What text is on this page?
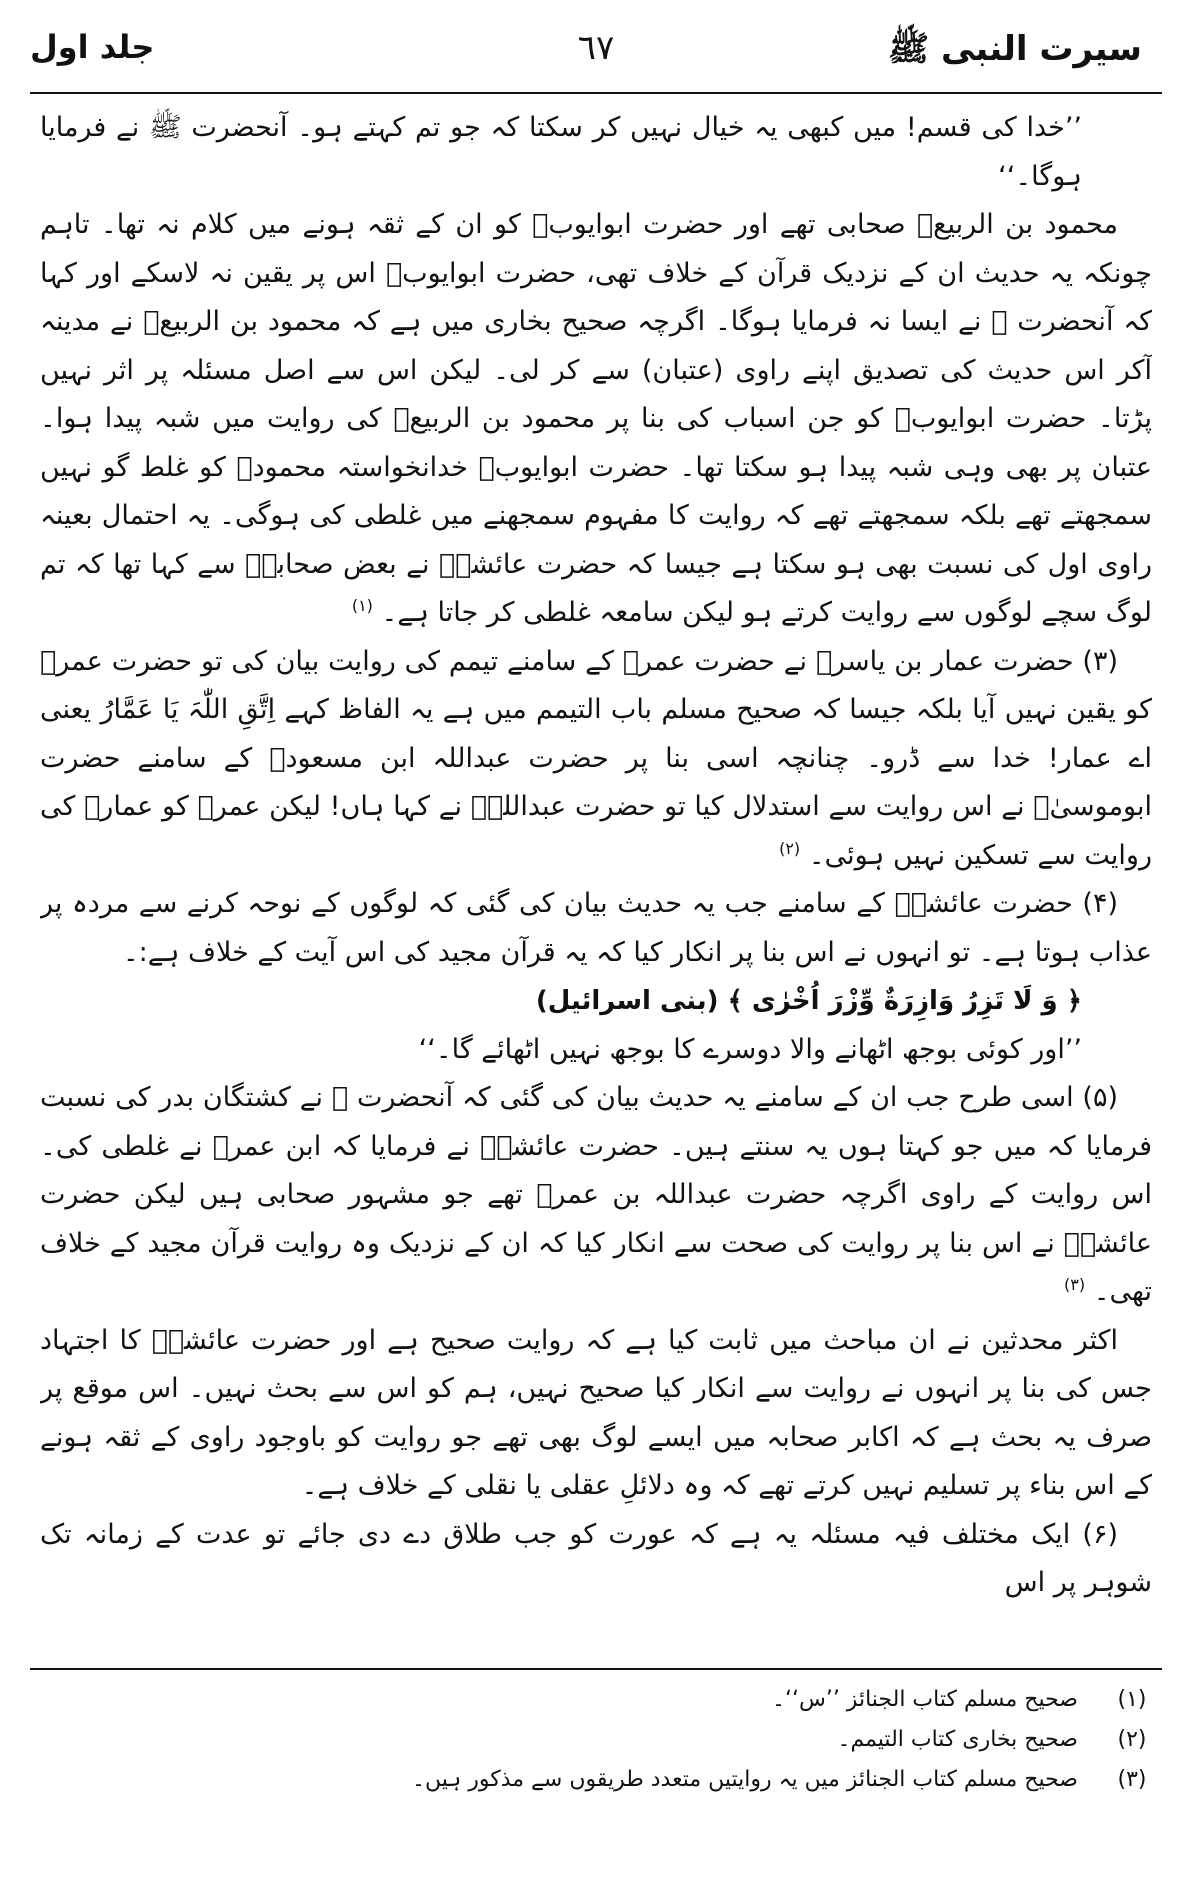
سیرت النبی ﷺ
٦٧
جلد اول

’’خدا کی قسم! میں کبھی یہ خیال نہیں کر سکتا کہ جو تم کہتے ہو۔ آنحضرت ﷺ نے فرمایا ہوگا۔‘‘

محمود بن الربیعؓ صحابی تھے اور حضرت ابوایوبؓ کو ان کے ثقہ ہونے میں کلام نہ تھا۔ تاہم چونکہ یہ حدیث ان کے نزدیک قرآن کے خلاف تھی، حضرت ابوایوبؓ اس پر یقین نہ لاسکے اور کہا کہ آنحضرت ﷺ نے ایسا نہ فرمایا ہوگا۔ اگرچہ صحیح بخاری میں ہے کہ محمود بن الربیعؓ نے مدینہ آکر اس حدیث کی تصدیق اپنے راوی (عتبان) سے کر لی۔ لیکن اس سے اصل مسئلہ پر اثر نہیں پڑتا۔ حضرت ابوایوبؓ کو جن اسباب کی بنا پر محمود بن الربیعؓ کی روایت میں شبہ پیدا ہوا۔ عتبان پر بھی وہی شبہ پیدا ہو سکتا تھا۔ حضرت ابوایوبؓ خدانخواستہ محمودؓ کو غلط گو نہیں سمجھتے تھے بلکہ سمجھتے تھے کہ روایت کا مفہوم سمجھنے میں غلطی کی ہوگی۔ یہ احتمال بعینہ راوی اول کی نسبت بھی ہو سکتا ہے جیسا کہ حضرت عائشہؓ نے بعض صحابہؓ سے کہا تھا کہ تم لوگ سچے لوگوں سے روایت کرتے ہو لیکن سامعہ غلطی کر جاتا ہے۔ $^{(۱)}$

(۳) حضرت عمار بن یاسرؓ نے حضرت عمرؓ کے سامنے تیمم کی روایت بیان کی تو حضرت عمرؓ کو یقین نہیں آیا بلکہ جیسا کہ صحیح مسلم باب التیمم میں ہے یہ الفاظ کہے اِتَّقِ اللّٰہَ یَا عَمَّارُ یعنی اے عمار! خدا سے ڈرو۔ چنانچہ اسی بنا پر حضرت عبداللہ ابن مسعودؓ کے سامنے حضرت ابوموسیٰؓ نے اس روایت سے استدلال کیا تو حضرت عبداللہؓ نے کہا ہاں! لیکن عمرؓ کو عمارؓ کی روایت سے تسکین نہیں ہوئی۔ $^{(۲)}$

(۴) حضرت عائشہؓ کے سامنے جب یہ حدیث بیان کی گئی کہ لوگوں کے نوحہ کرنے سے مردہ پر عذاب ہوتا ہے۔ تو انہوں نے اس بنا پر انکار کیا کہ یہ قرآن مجید کی اس آیت کے خلاف ہے:۔

﴿ وَ لَا تَزِرُ وَازِرَةٌ وِّزْرَ اُخْرٰی ﴾ (بنی اسرائیل)

’’اور کوئی بوجھ اٹھانے والا دوسرے کا بوجھ نہیں اٹھائے گا۔‘‘

(۵) اسی طرح جب ان کے سامنے یہ حدیث بیان کی گئی کہ آنحضرت ﷺ نے کشتگان بدر کی نسبت فرمایا کہ میں جو کہتا ہوں یہ سنتے ہیں۔ حضرت عائشہؓ نے فرمایا کہ ابن عمرؓ نے غلطی کی۔ اس روایت کے راوی اگرچہ حضرت عبداللہ بن عمرؓ تھے جو مشہور صحابی ہیں لیکن حضرت عائشہؓ نے اس بنا پر روایت کی صحت سے انکار کیا کہ ان کے نزدیک وہ روایت قرآن مجید کے خلاف تھی۔ $^{(۳)}$

اکثر محدثین نے ان مباحث میں ثابت کیا ہے کہ روایت صحیح ہے اور حضرت عائشہؓ کا اجتہاد جس کی بنا پر انہوں نے روایت سے انکار کیا صحیح نہیں، ہم کو اس سے بحث نہیں۔ اس موقع پر صرف یہ بحث ہے کہ اکابر صحابہ میں ایسے لوگ بھی تھے جو روایت کو باوجود راوی کے ثقہ ہونے کے اس بناء پر تسلیم نہیں کرتے تھے کہ وہ دلائلِ عقلی یا نقلی کے خلاف ہے۔

(۶) ایک مختلف فیہ مسئلہ یہ ہے کہ عورت کو جب طلاق دے دی جائے تو عدت کے زمانہ تک شوہر پر اس

(۱)
صحیح مسلم کتاب الجنائز ’’س‘‘۔
(۲)
صحیح بخاری کتاب التیمم۔
(۳)
صحیح مسلم کتاب الجنائز میں یہ روایتیں متعدد طریقوں سے مذکور ہیں۔
